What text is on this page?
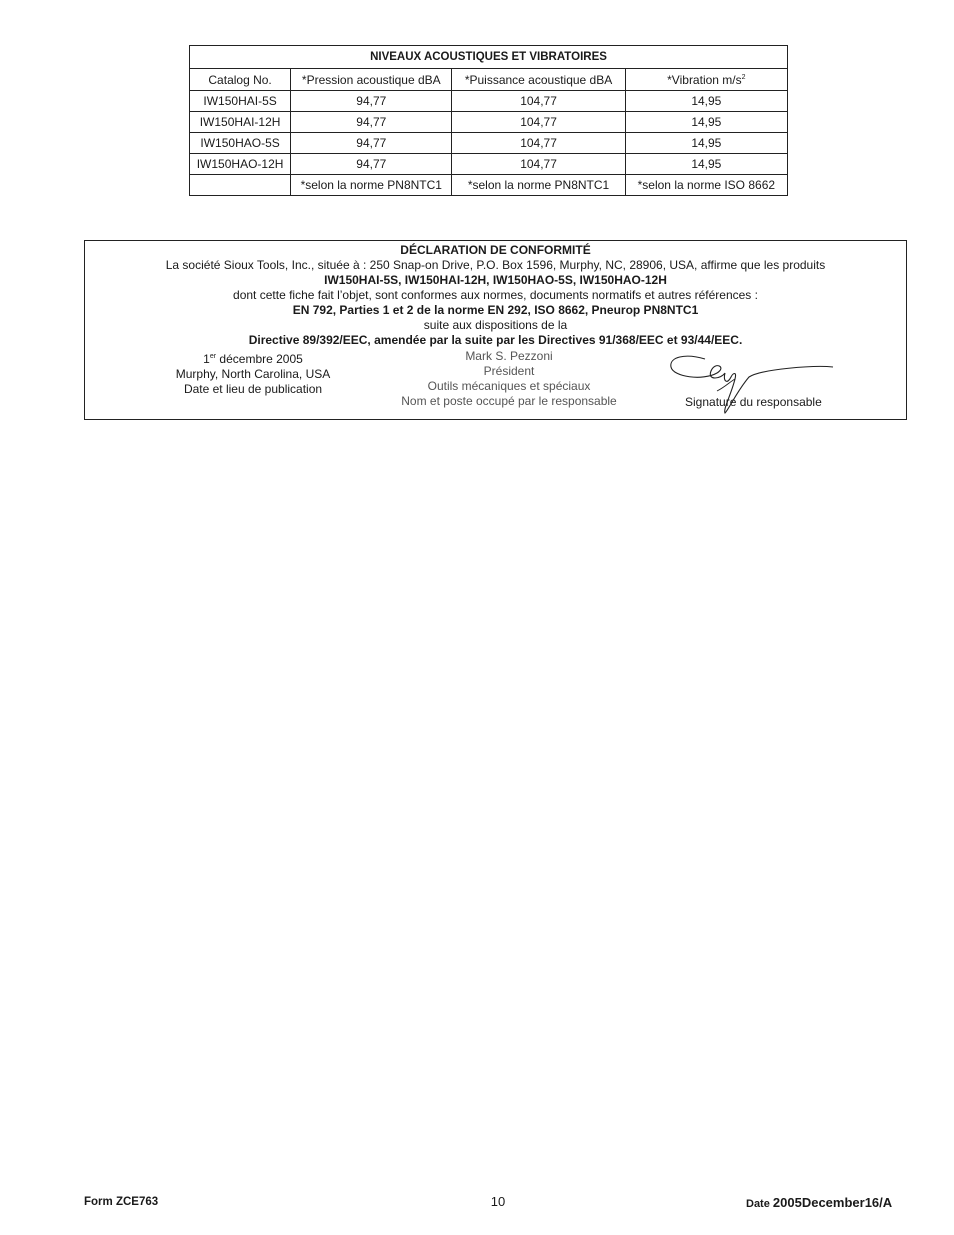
NIVEAUX ACOUSTIQUES ET VIBRATOIRES			
Catalog No.	*Pression acoustique dBA	*Puissance acoustique dBA	*Vibration $m/s^2$
IW150HAI-5S	94,77	104,77	14,95
IW150HAI-12H	94,77	104,77	14,95
IW150HAO-5S	94,77	104,77	14,95
IW150HAO-12H	94,77	104,77	14,95
	*selon la norme PN8NTC1	*selon la norme PN8NTC1	*selon la norme ISO 8662
DÉCLARATION DE CONFORMITÉ
La société Sioux Tools, Inc., située à : 250 Snap-on Drive, P.O. Box 1596, Murphy, NC, 28906, USA, affirme que les produits
IW150HAI-5S, IW150HAI-12H, IW150HAO-5S, IW150HAO-12H
dont cette fiche fait l’objet, sont conformes aux normes, documents normatifs et autres références :
EN 792, Parties 1 et 2 de la norme EN 292, ISO 8662, Pneurop PN8NTC1
suite aux dispositions de la
Directive 89/392/EEC, amendée par la suite par les Directives 91/368/EEC et 93/44/EEC.
1er décembre 2005
Murphy, North Carolina, USA
Date et lieu de publication
Mark S. Pezzoni
Président
Outils mécaniques et spéciaux
Nom et poste occupé par le responsable	Signature du responsable
Form ZCE763	10	Date 2005December16/A
